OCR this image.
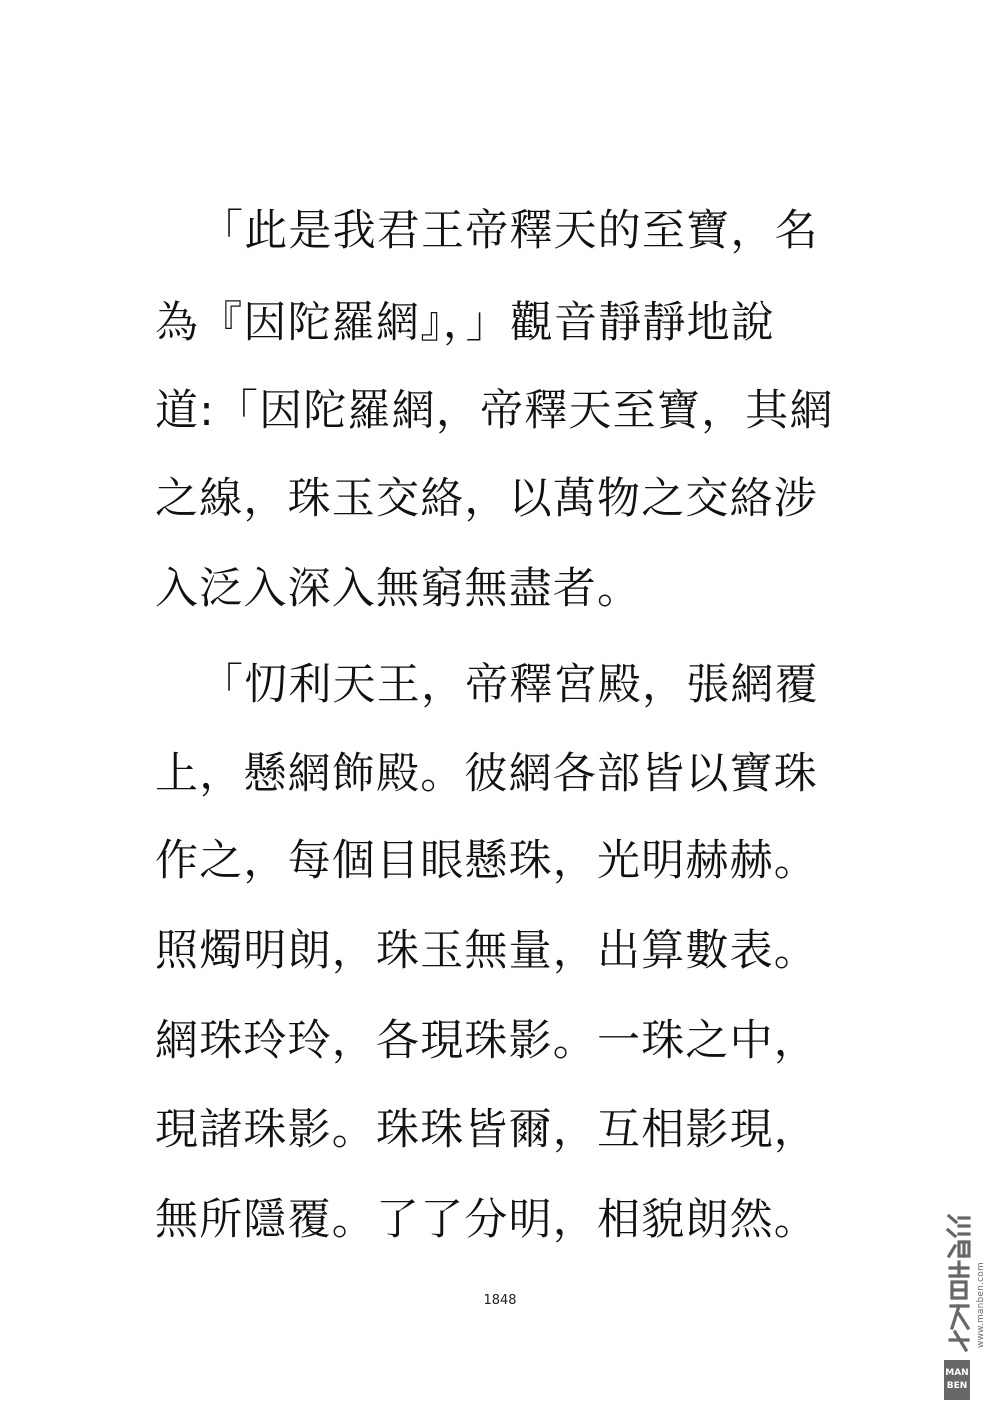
「此是我君王帝釋天的至寶，名
為『因陀羅網』，」觀音靜靜地說
道:「因陀羅網，帝釋天至寶，其網
之線，珠玉交絡，以萬物之交絡涉
入泛入深入無窮無盡者。
「忉利天王，帝釋宮殿，張網覆
上，懸網飾殿。彼網各部皆以寶珠
作之，每個目眼懸珠，光明赫赫。
照燭明朗，珠玉無量，出算數表。
網珠玲玲，各現珠影。一珠之中，
現諸珠影。珠珠皆爾，互相影現，
無所隱覆。了了分明，相貌朗然。
1848
MAN
BEN
www.manben.com
